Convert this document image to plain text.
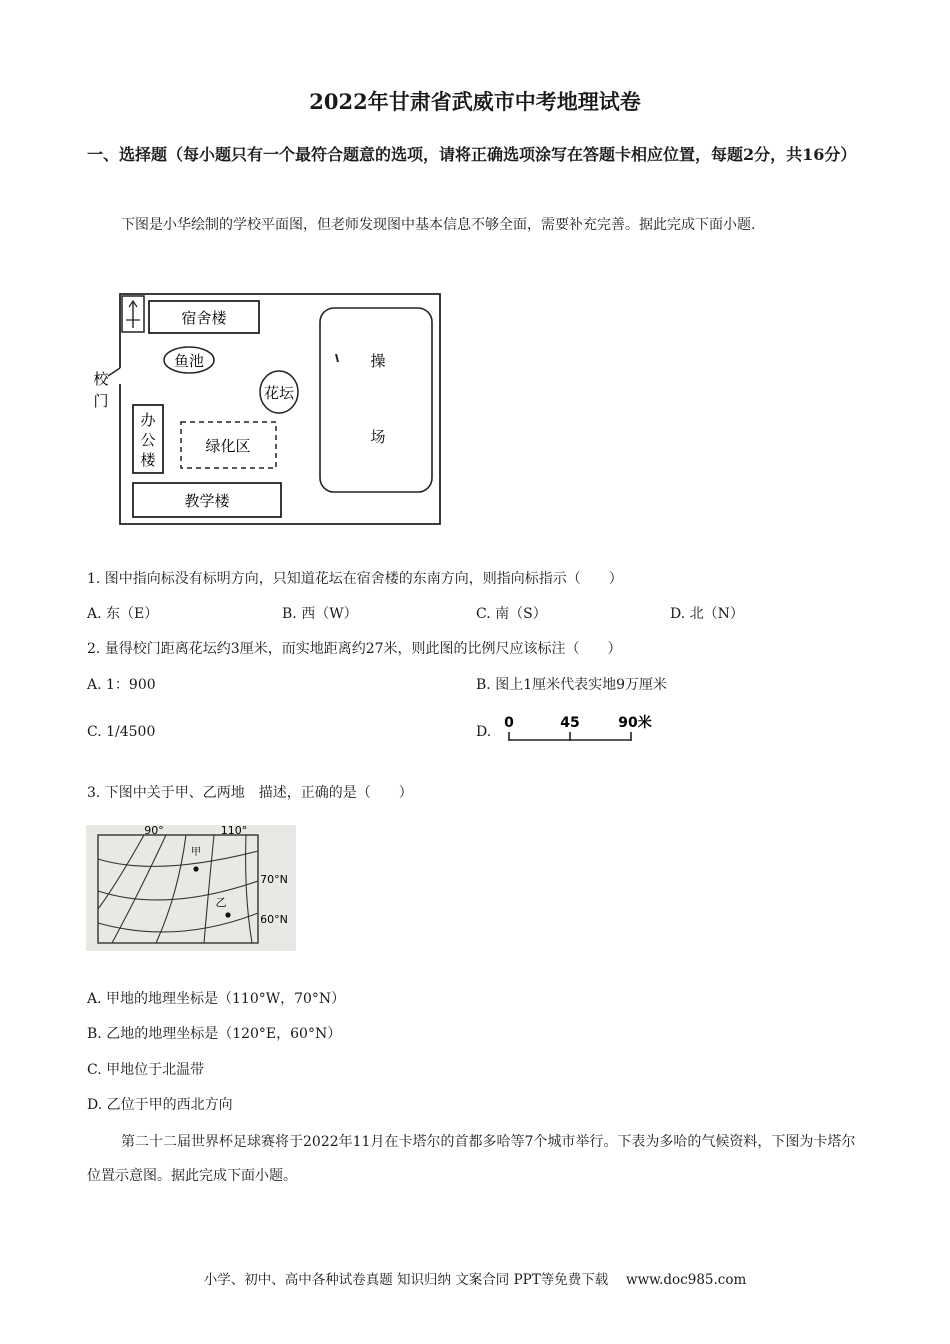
2022年甘肃省武威市中考地理试卷
一、选择题（每小题只有一个最符合题意的选项，请将正确选项涂写在答题卡相应位置，每题2分，共16分）
下图是小华绘制的学校平面图，但老师发现图中基本信息不够全面，需要补充完善。据此完成下面小题.
宿舍楼
鱼池
花坛
校
门
办
公
楼
绿化区
教学楼
操
场
1. 图中指向标没有标明方向，只知道花坛在宿舍楼的东南方向，则指向标指示（　　）
A. 东（E）	B. 西（W）	C. 南（S）	D. 北（N）
2. 量得校门距离花坛约3厘米，而实地距离约27米，则此图的比例尺应该标注（　　）
A. 1：900	B. 图上1厘米代表实地9万厘米
C. 1/4500	D.
0	45	90米
3. 下图中关于甲、乙两地　描述，正确的是（　　）
甲
乙
90°	110°
70°N
60°N
A. 甲地的地理坐标是（110°W，70°N）
B. 乙地的地理坐标是（120°E，60°N）
C. 甲地位于北温带
D. 乙位于甲的西北方向
第二十二届世界杯足球赛将于2022年11月在卡塔尔的首都多哈等7个城市举行。下表为多哈的气候资料，下图为卡塔尔位置示意图。据此完成下面小题。
小学、初中、高中各种试卷真题 知识归纳 文案合同 PPT等免费下载　 www.doc985.com
